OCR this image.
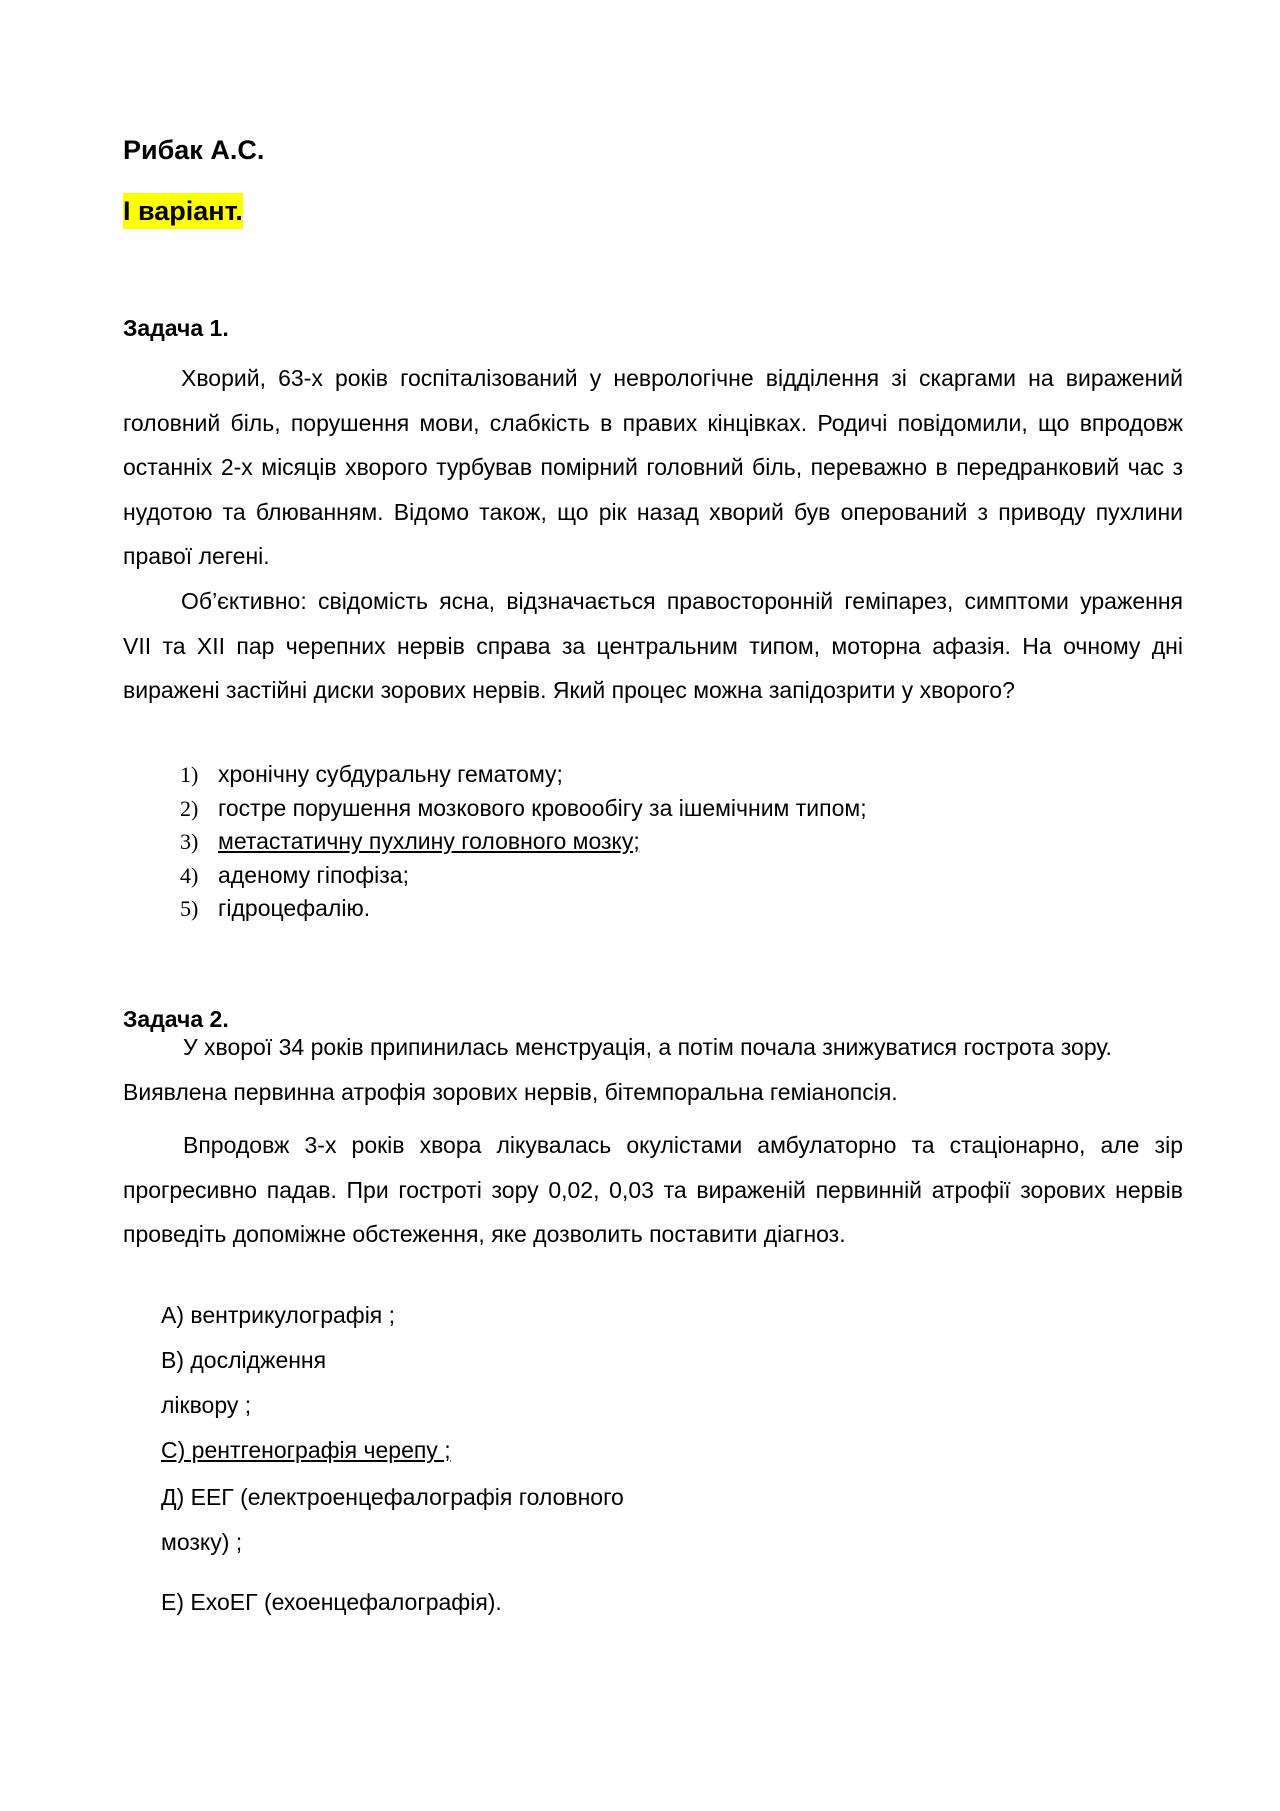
Рибак А.С.
І варіант.
Задача 1.

Хворий, 63-х років госпіталізований у неврологічне відділення зі скаргами на виражений головний біль, порушення мови, слабкість в правих кінцівках. Родичі повідомили, що впродовж останніх 2-х місяців хворого турбував помірний головний біль, переважно в передранковий час з нудотою та блюванням. Відомо також, що рік назад хворий був оперований з приводу пухлини правої легені.

Об’єктивно: свідомість ясна, відзначається правосторонній геміпарез, симптоми ураження VII та XII пар черепних нервів справа за центральним типом, моторна афазія. На очному дні виражені застійні диски зорових нервів. Який процес можна запідозрити у хворого?

1) хронічну субдуральну гематому;
2) гостре порушення мозкового кровообігу за ішемічним типом;
3) метастатичну пухлину головного мозку;
4) аденому гіпофіза;
5) гідроцефалію.
Задача 2.
У хворої 34 років припинилась менструація, а потім почала знижуватися гострота зору.
Виявлена первинна атрофія зорових нервів, бітемпоральна геміанопсія.

Впродовж 3-х років хвора лікувалась окулістами амбулаторно та стаціонарно, але зір прогресивно падав. При гостроті зору 0,02, 0,03 та вираженій первинній атрофії зорових нервів проведіть допоміжне обстеження, яке дозволить поставити діагноз.

А) вентрикулографія ;
В) дослідження
ліквору ;
С) рентгенографія черепу ;
Д) ЕЕГ (електроенцефалографія головного
мозку) ;
Е) ЕхоЕГ (ехоенцефалографія).
